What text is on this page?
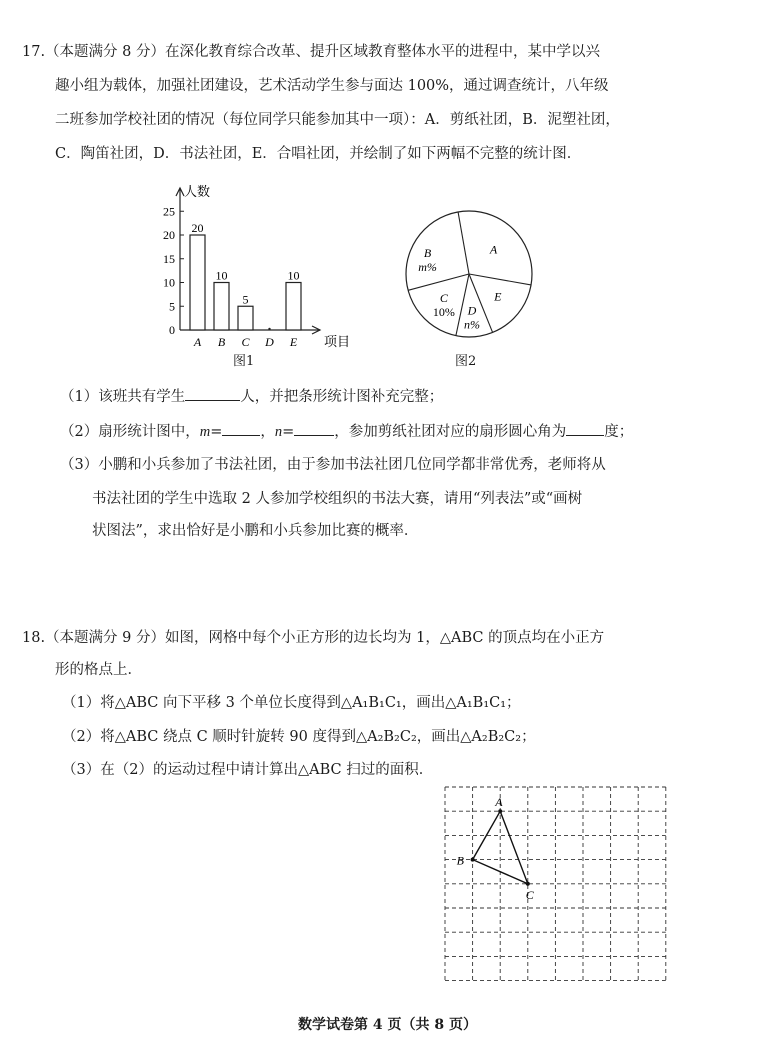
17.（本题满分 8 分）在深化教育综合改革、提升区域教育整体水平的进程中，某中学以兴
趣小组为载体，加强社团建设，艺术活动学生参与面达 100%，通过调查统计，八年级
二班参加学校社团的情况（每位同学只能参加其中一项）：A．剪纸社团，B．泥塑社团，
C．陶笛社团，D．书法社团，E．合唱社团，并绘制了如下两幅不完整的统计图．
人数
项目
0
5
10
15
20
25
A
20
B
10
C
5
D E
10
图1
A
B
m%
C
10% D
n%
E
图2
（1）该班共有学生	人，并把条形统计图补充完整；
（2）扇形统计图中，m=	，n=	，参加剪纸社团对应的扇形圆心角为	度；
（3）小鹏和小兵参加了书法社团，由于参加书法社团几位同学都非常优秀，老师将从
书法社团的学生中选取 2 人参加学校组织的书法大赛，请用“列表法”或“画树
状图法”，求出恰好是小鹏和小兵参加比赛的概率．
18.（本题满分 9 分）如图，网格中每个小正方形的边长均为 1，△ABC 的顶点均在小正方
形的格点上．
（1）将△ABC 向下平移 3 个单位长度得到△A₁B₁C₁，画出△A₁B₁C₁；
（2）将△ABC 绕点 C 顺时针旋转 90 度得到△A₂B₂C₂，画出△A₂B₂C₂；
（3）在（2）的运动过程中请计算出△ABC 扫过的面积．
A
B
C
数学试卷第 4 页（共 8 页）
